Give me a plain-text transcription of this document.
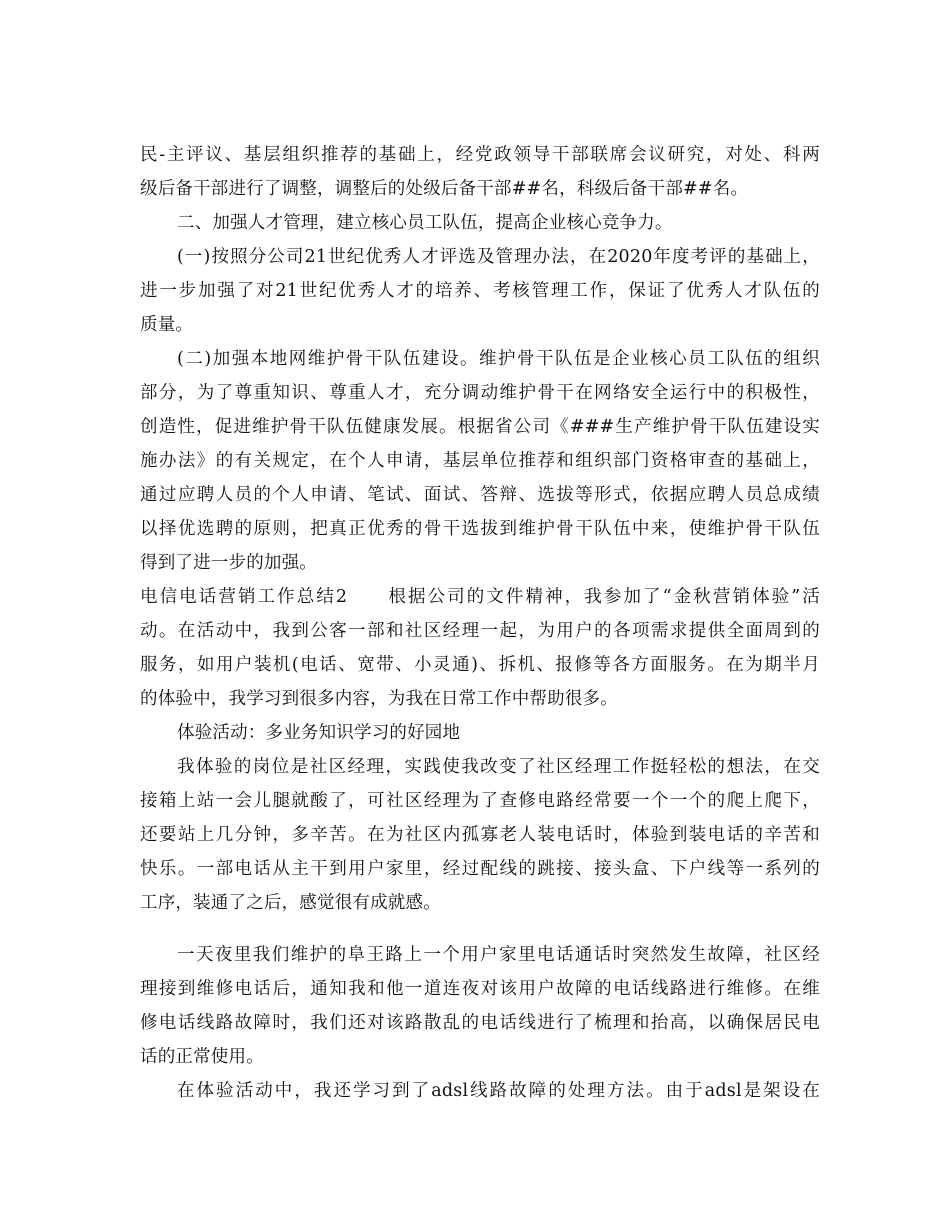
民-主评议、基层组织推荐的基础上，经党政领导干部联席会议研究，对处、科两
级后备干部进行了调整，调整后的处级后备干部##名，科级后备干部##名。
二、加强人才管理，建立核心员工队伍，提高企业核心竞争力。
(一)按照分公司21世纪优秀人才评选及管理办法，在2020年度考评的基础上，
进一步加强了对21世纪优秀人才的培养、考核管理工作，保证了优秀人才队伍的
质量。
(二)加强本地网维护骨干队伍建设。维护骨干队伍是企业核心员工队伍的组织
部分，为了尊重知识、尊重人才，充分调动维护骨干在网络安全运行中的积极性，
创造性，促进维护骨干队伍健康发展。根据省公司《###生产维护骨干队伍建设实
施办法》的有关规定，在个人申请，基层单位推荐和组织部门资格审查的基础上，
通过应聘人员的个人申请、笔试、面试、答辩、选拔等形式，依据应聘人员总成绩
以择优选聘的原则，把真正优秀的骨干选拔到维护骨干队伍中来，使维护骨干队伍
得到了进一步的加强。
电信电话营销工作总结2　　根据公司的文件精神，我参加了“金秋营销体验”活
动。在活动中，我到公客一部和社区经理一起，为用户的各项需求提供全面周到的
服务，如用户装机(电话、宽带、小灵通)、拆机、报修等各方面服务。在为期半月
的体验中，我学习到很多内容，为我在日常工作中帮助很多。
体验活动：多业务知识学习的好园地
我体验的岗位是社区经理，实践使我改变了社区经理工作挺轻松的想法，在交
接箱上站一会儿腿就酸了，可社区经理为了查修电路经常要一个一个的爬上爬下，
还要站上几分钟，多辛苦。在为社区内孤寡老人装电话时，体验到装电话的辛苦和
快乐。一部电话从主干到用户家里，经过配线的跳接、接头盒、下户线等一系列的
工序，装通了之后，感觉很有成就感。
一天夜里我们维护的阜王路上一个用户家里电话通话时突然发生故障，社区经
理接到维修电话后，通知我和他一道连夜对该用户故障的电话线路进行维修。在维
修电话线路故障时，我们还对该路散乱的电话线进行了梳理和抬高，以确保居民电
话的正常使用。
在体验活动中，我还学习到了adsl线路故障的处理方法。由于adsl是架设在
